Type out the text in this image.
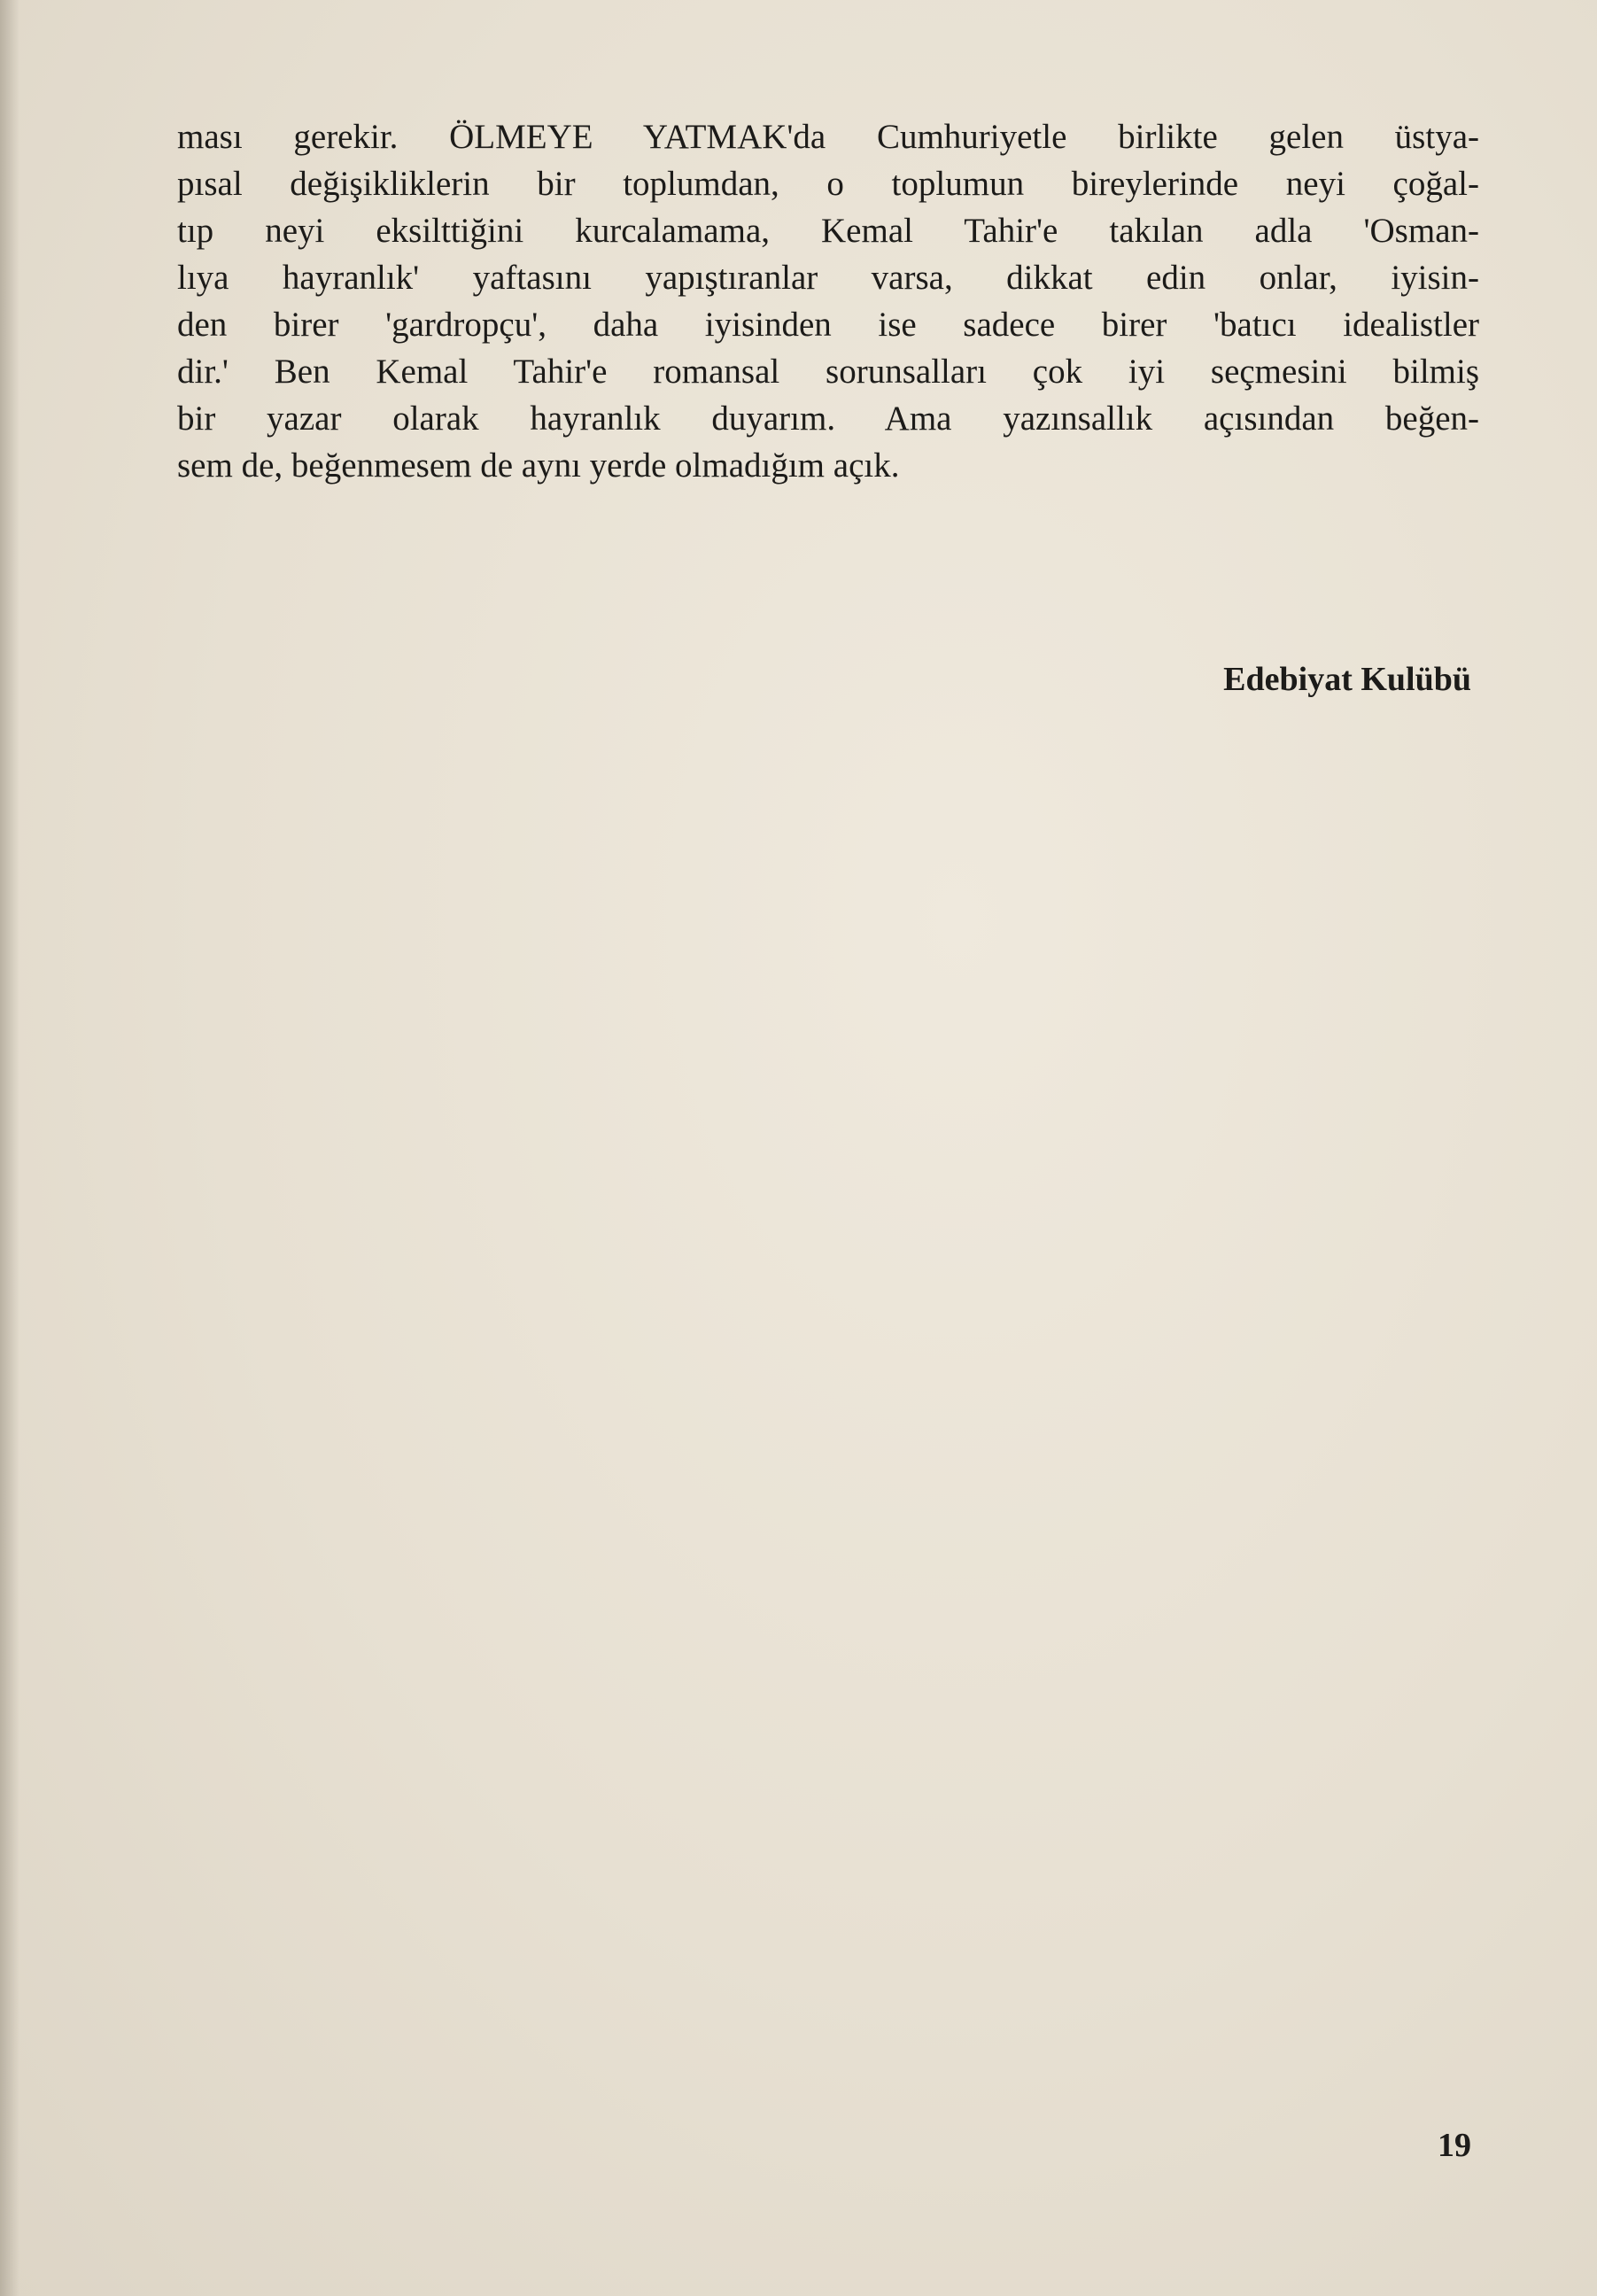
ması gerekir. ÖLMEYE YATMAK'da Cumhuriyetle birlikte gelen üstya-

pısal değişikliklerin bir toplumdan, o toplumun bireylerinde neyi çoğal-

tıp neyi eksilttiğini kurcalamama, Kemal Tahir'e takılan adla 'Osman-

lıya hayranlık' yaftasını yapıştıranlar varsa, dikkat edin onlar, iyisin-

den birer 'gardropçu', daha iyisinden ise sadece birer 'batıcı idealistler

dir.' Ben Kemal Tahir'e romansal sorunsalları çok iyi seçmesini bilmiş

bir yazar olarak hayranlık duyarım. Ama yazınsallık açısından beğen-

sem de, beğenmesem de aynı yerde olmadığım açık.

Edebiyat Kulübü
19
